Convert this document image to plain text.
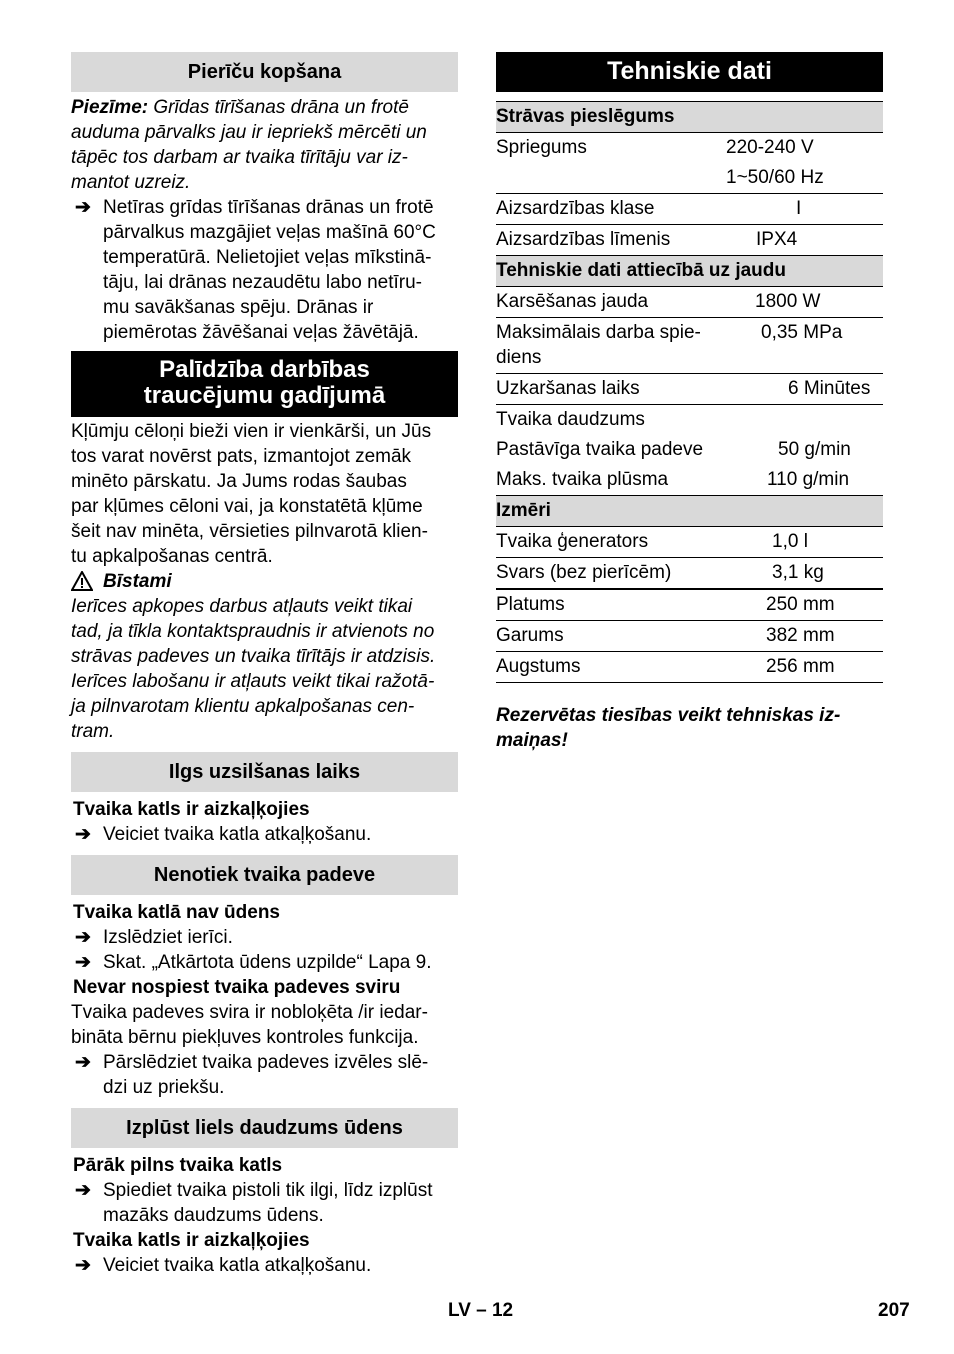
Pierīču kopšana
Piezīme: Grīdas tīrīšanas drāna un frotē
auduma pārvalks jau ir iepriekš mērcēti un
tāpēc tos darbam ar tvaika tīrītāju var iz-
mantot uzreiz.
➔ Netīras grīdas tīrīšanas drānas un frotē
pārvalkus mazgājiet veļas mašīnā 60°C
temperatūrā. Nelietojiet veļas mīkstinā-
tāju, lai drānas nezaudētu labo netīru-
mu savākšanas spēju. Drānas ir
piemērotas žāvēšanai veļas žāvētājā.
Palīdzība darbības
traucējumu gadījumā
Kļūmju cēloņi bieži vien ir vienkārši, un Jūs
tos varat novērst pats, izmantojot zemāk
minēto pārskatu. Ja Jums rodas šaubas
par kļūmes cēloni vai, ja konstatētā kļūme
šeit nav minēta, vērsieties pilnvarotā klien-
tu apkalpošanas centrā.
Bīstami
Ierīces apkopes darbus atļauts veikt tikai
tad, ja tīkla kontaktspraudnis ir atvienots no
strāvas padeves un tvaika tīrītājs ir atdzisis.
Ierīces labošanu ir atļauts veikt tikai ražotā-
ja pilnvarotam klientu apkalpošanas cen-
tram.
Ilgs uzsilšanas laiks
Tvaika katls ir aizkaļķojies
➔ Veiciet tvaika katla atkaļķošanu.
Nenotiek tvaika padeve
Tvaika katlā nav ūdens
➔ Izslēdziet ierīci.
➔ Skat. „Atkārtota ūdens uzpilde“ Lapa 9.
Nevar nospiest tvaika padeves sviru
Tvaika padeves svira ir nobloķēta /ir iedar-
bināta bērnu piekļuves kontroles funkcija.
➔ Pārslēdziet tvaika padeves izvēles slē-
dzi uz priekšu.
Izplūst liels daudzums ūdens
Pārāk pilns tvaika katls
➔ Spiediet tvaika pistoli tik ilgi, līdz izplūst
mazāks daudzums ūdens.
Tvaika katls ir aizkaļķojies
➔ Veiciet tvaika katla atkaļķošanu.
Tehniskie dati
Strāvas pieslēgums	
Spriegums	220-240 V
	1~50/60 Hz
Aizsardzības klase	I
Aizsardzības līmenis	IPX4
Tehniskie dati attiecībā uz jaudu	
Karsēšanas jauda	1800 W
Maksimālais darba spie-
diens	0,35 MPa
Uzkaršanas laiks	6 Minūtes
Tvaika daudzums	
Pastāvīga tvaika padeve	50 g/min
Maks. tvaika plūsma	110 g/min
Izmēri	
Tvaika ģenerators	1,0 l
Svars (bez pierīcēm)	3,1 kg
Platums	250 mm
Garums	382 mm
Augstums	256 mm
Rezervētas tiesības veikt tehniskas iz-
maiņas!
LV – 12	207
